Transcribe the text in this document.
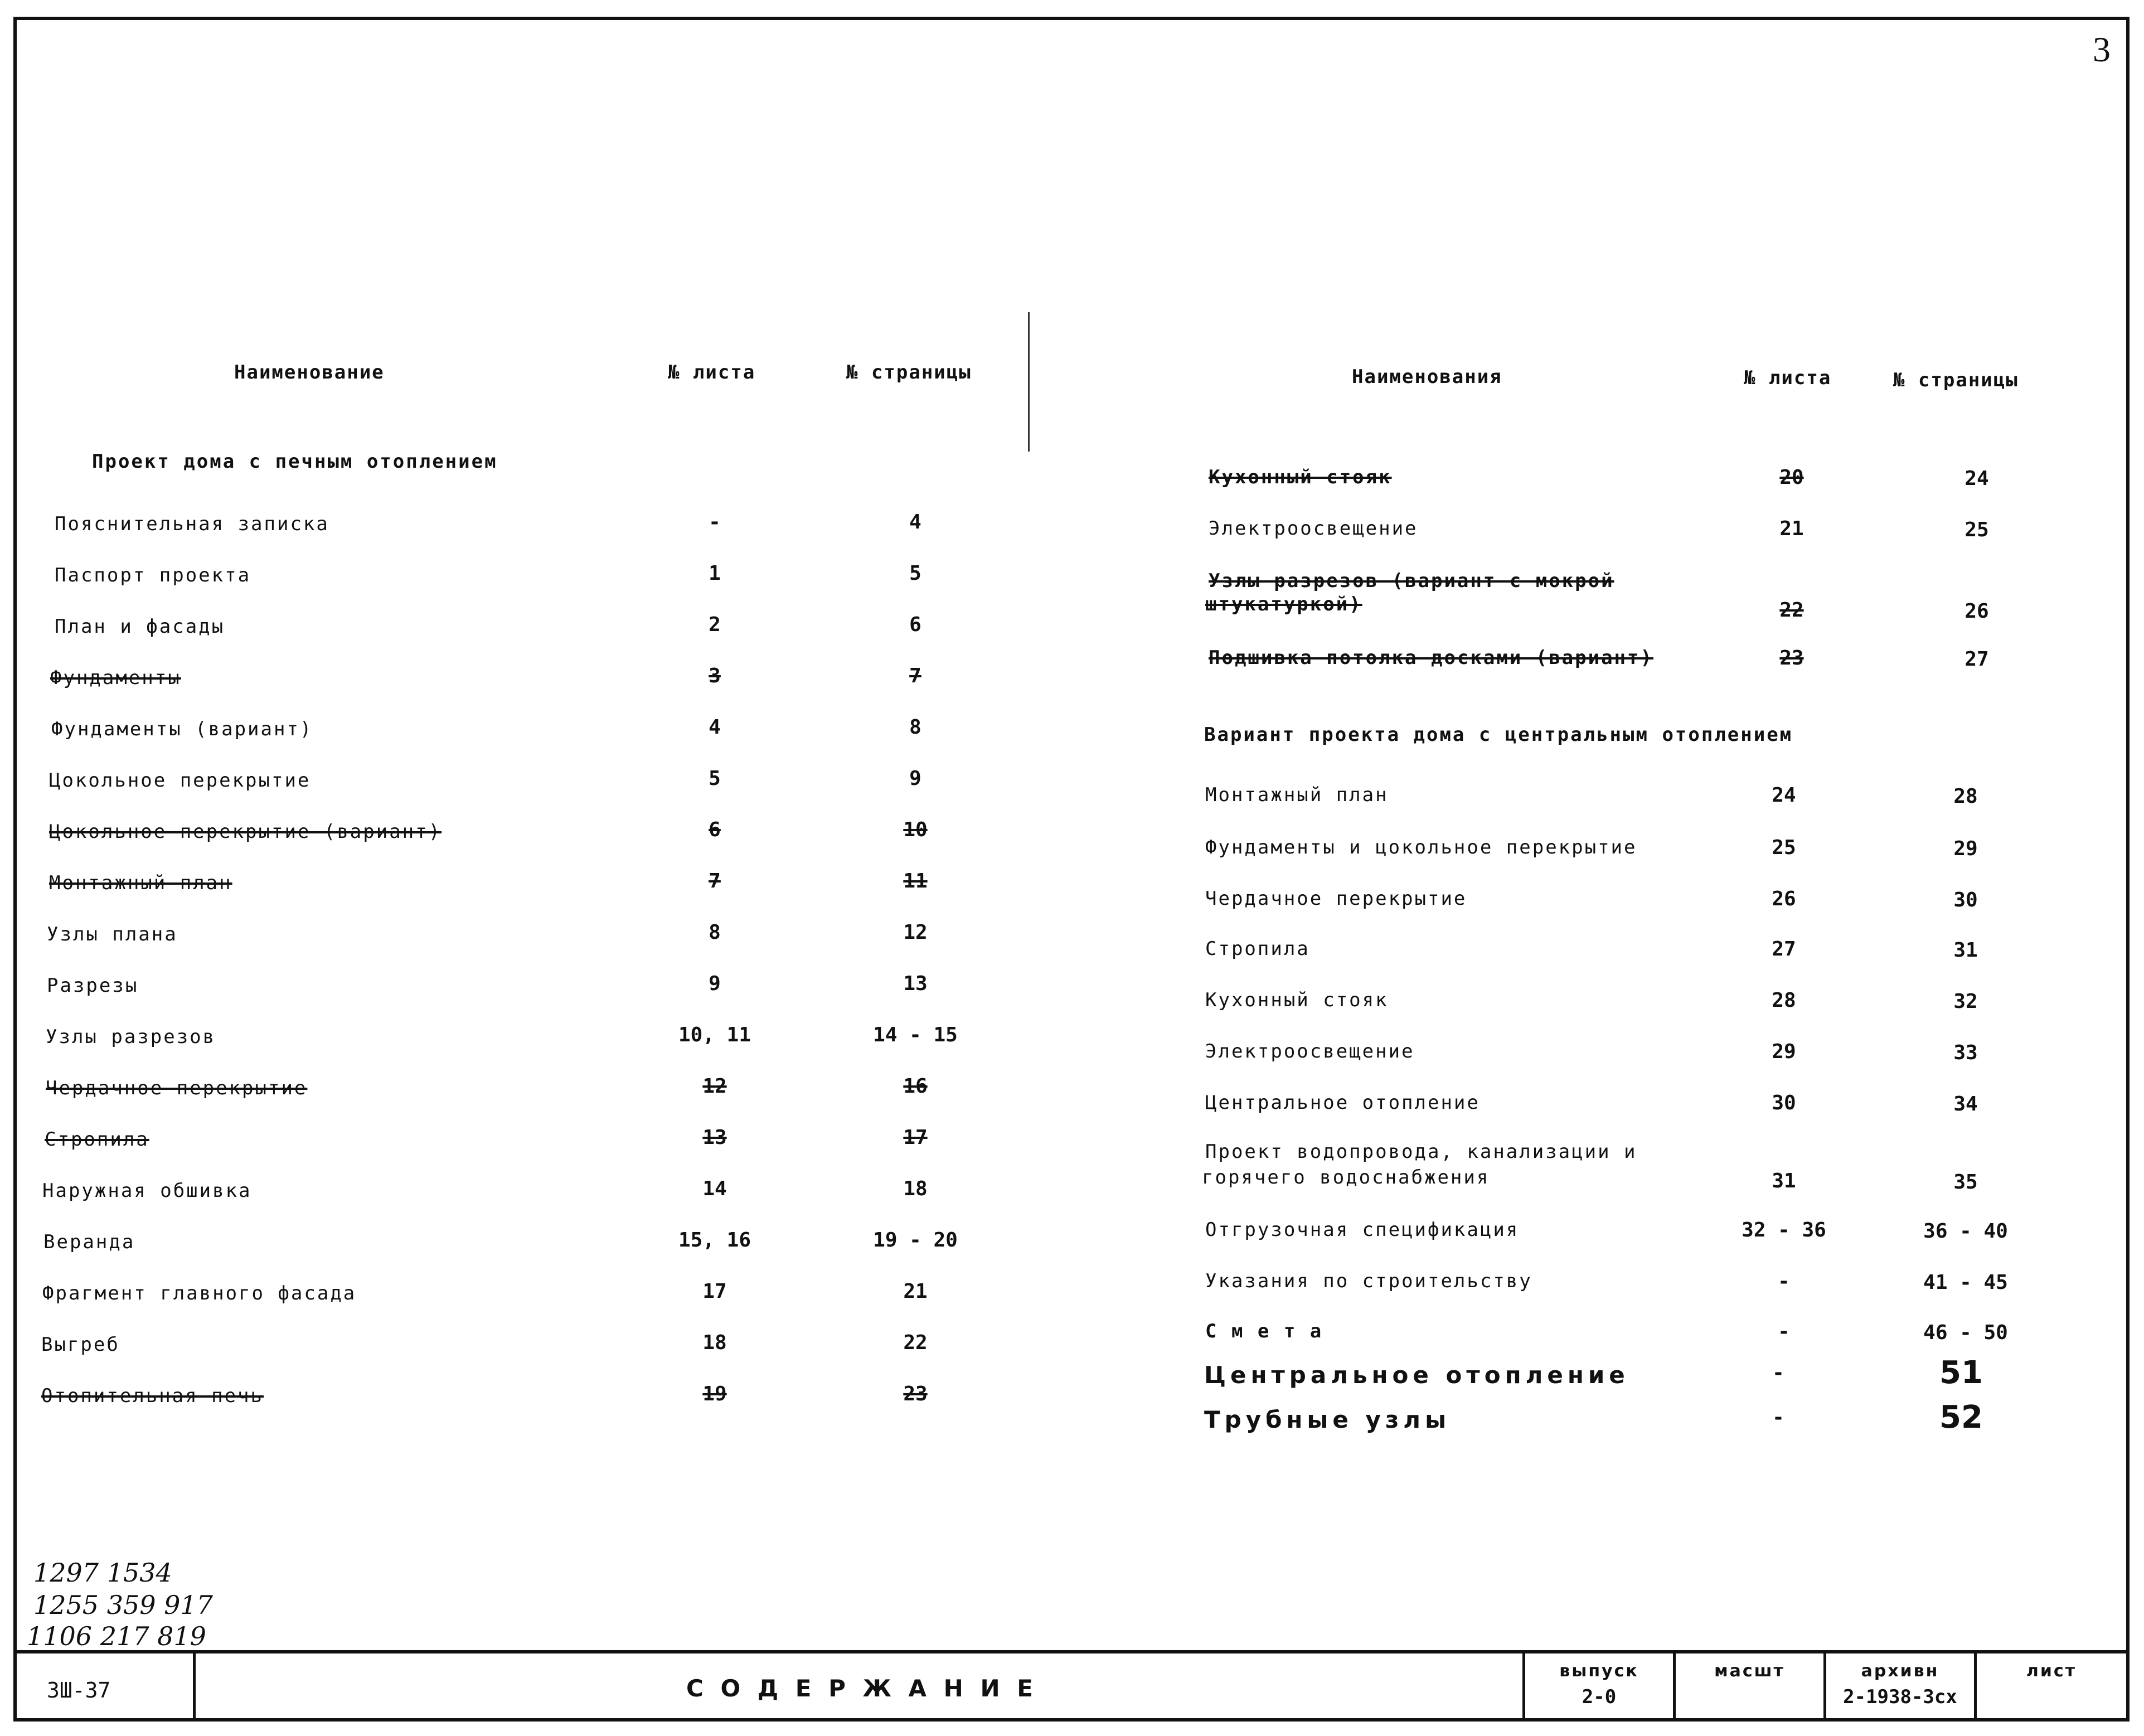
3
Наименование	№ листа	№ страницы
Проект дома с печным отоплением
Пояснительная записка	-	4
Паспорт проекта	1	5
План и фасады	2	6
Фундаменты	3	7
Фундаменты (вариант)	4	8
Цокольное перекрытие	5	9
Цокольное перекрытие (вариант)	6	10
Монтажный план	7	11
Узлы плана	8	12
Разрезы	9	13
Узлы разрезов	10, 11	14 - 15
Чердачное перекрытие	12	16
Стропила	13	17
Наружная обшивка	14	18
Веранда	15, 16	19 - 20
Фрагмент главного фасада	17	21
Выгреб	18	22
Отопительная печь	19	23
Наименования	№ листа	№ страницы
Кухонный стояк	20	24
Электроосвещение	21	25
Узлы разрезов (вариант с мокрой
штукатуркой)	22	26
Подшивка потолка досками (вариант)	23	27
Вариант проекта дома с центральным отоплением
Монтажный план	24	28
Фундаменты и цокольное перекрытие	25	29
Чердачное перекрытие	26	30
Стропила	27	31
Кухонный стояк	28	32
Электроосвещение	29	33
Центральное отопление	30	34
Проект водопровода, канализации и
горячего водоснабжения	31	35
Отгрузочная спецификация	32 - 36	36 - 40
Указания по строительству	-	41 - 45
С м е т а	-	46 - 50
Центральное отопление	-	51
Трубные узлы	-	52
1297 1534
1255 359 917
1106 217 819
ЗШ-37	С О Д Е Р Ж А Н И Е
выпуск
2-0
масшт	архивн
2-1938-3сх
лист
